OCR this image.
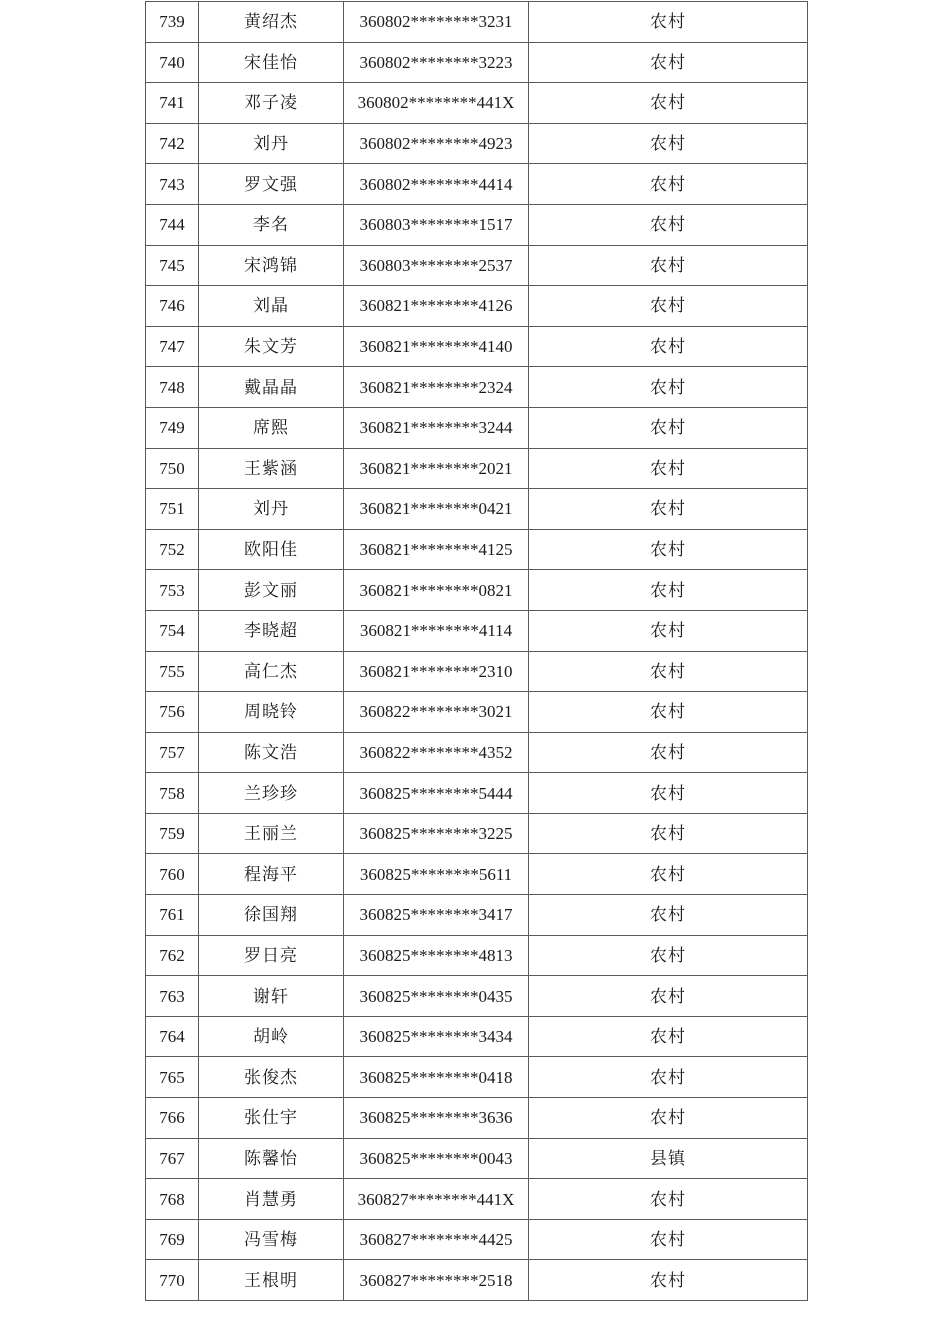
739	黄绍杰	360802********3231	农村
740	宋佳怡	360802********3223	农村
741	邓子凌	360802********441X	农村
742	刘丹	360802********4923	农村
743	罗文强	360802********4414	农村
744	李名	360803********1517	农村
745	宋鸿锦	360803********2537	农村
746	刘晶	360821********4126	农村
747	朱文芳	360821********4140	农村
748	戴晶晶	360821********2324	农村
749	席熙	360821********3244	农村
750	王紫涵	360821********2021	农村
751	刘丹	360821********0421	农村
752	欧阳佳	360821********4125	农村
753	彭文丽	360821********0821	农村
754	李晓超	360821********4114	农村
755	高仁杰	360821********2310	农村
756	周晓铃	360822********3021	农村
757	陈文浩	360822********4352	农村
758	兰珍珍	360825********5444	农村
759	王丽兰	360825********3225	农村
760	程海平	360825********5611	农村
761	徐国翔	360825********3417	农村
762	罗日亮	360825********4813	农村
763	谢轩	360825********0435	农村
764	胡岭	360825********3434	农村
765	张俊杰	360825********0418	农村
766	张仕宇	360825********3636	农村
767	陈馨怡	360825********0043	县镇
768	肖慧勇	360827********441X	农村
769	冯雪梅	360827********4425	农村
770	王根明	360827********2518	农村
